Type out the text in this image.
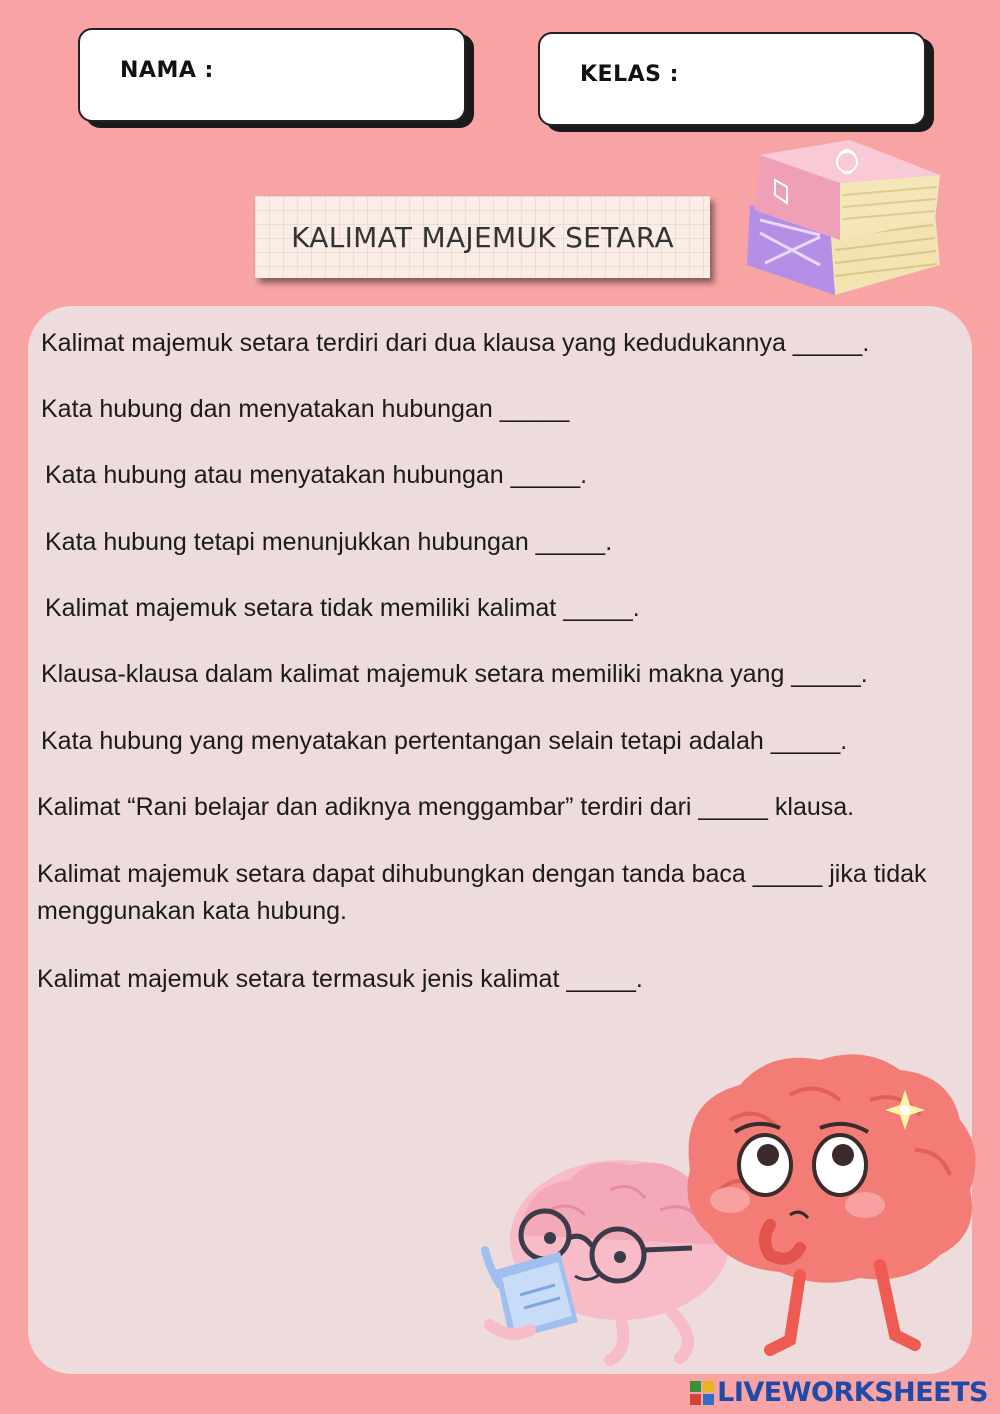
NAMA :	KELAS :
KALIMAT MAJEMUK SETARA
Kalimat majemuk setara terdiri dari dua klausa yang kedudukannya _____.
Kata hubung dan menyatakan hubungan _____
Kata hubung atau menyatakan hubungan _____.
Kata hubung tetapi menunjukkan hubungan _____.
Kalimat majemuk setara tidak memiliki kalimat _____.
Klausa-klausa dalam kalimat majemuk setara memiliki makna yang _____.
Kata hubung yang menyatakan pertentangan selain tetapi adalah _____.
Kalimat “Rani belajar dan adiknya menggambar” terdiri dari _____ klausa.
Kalimat majemuk setara dapat dihubungkan dengan tanda baca _____ jika tidak menggunakan kata hubung.
Kalimat majemuk setara termasuk jenis kalimat _____.
LIVEWORKSHEETS
